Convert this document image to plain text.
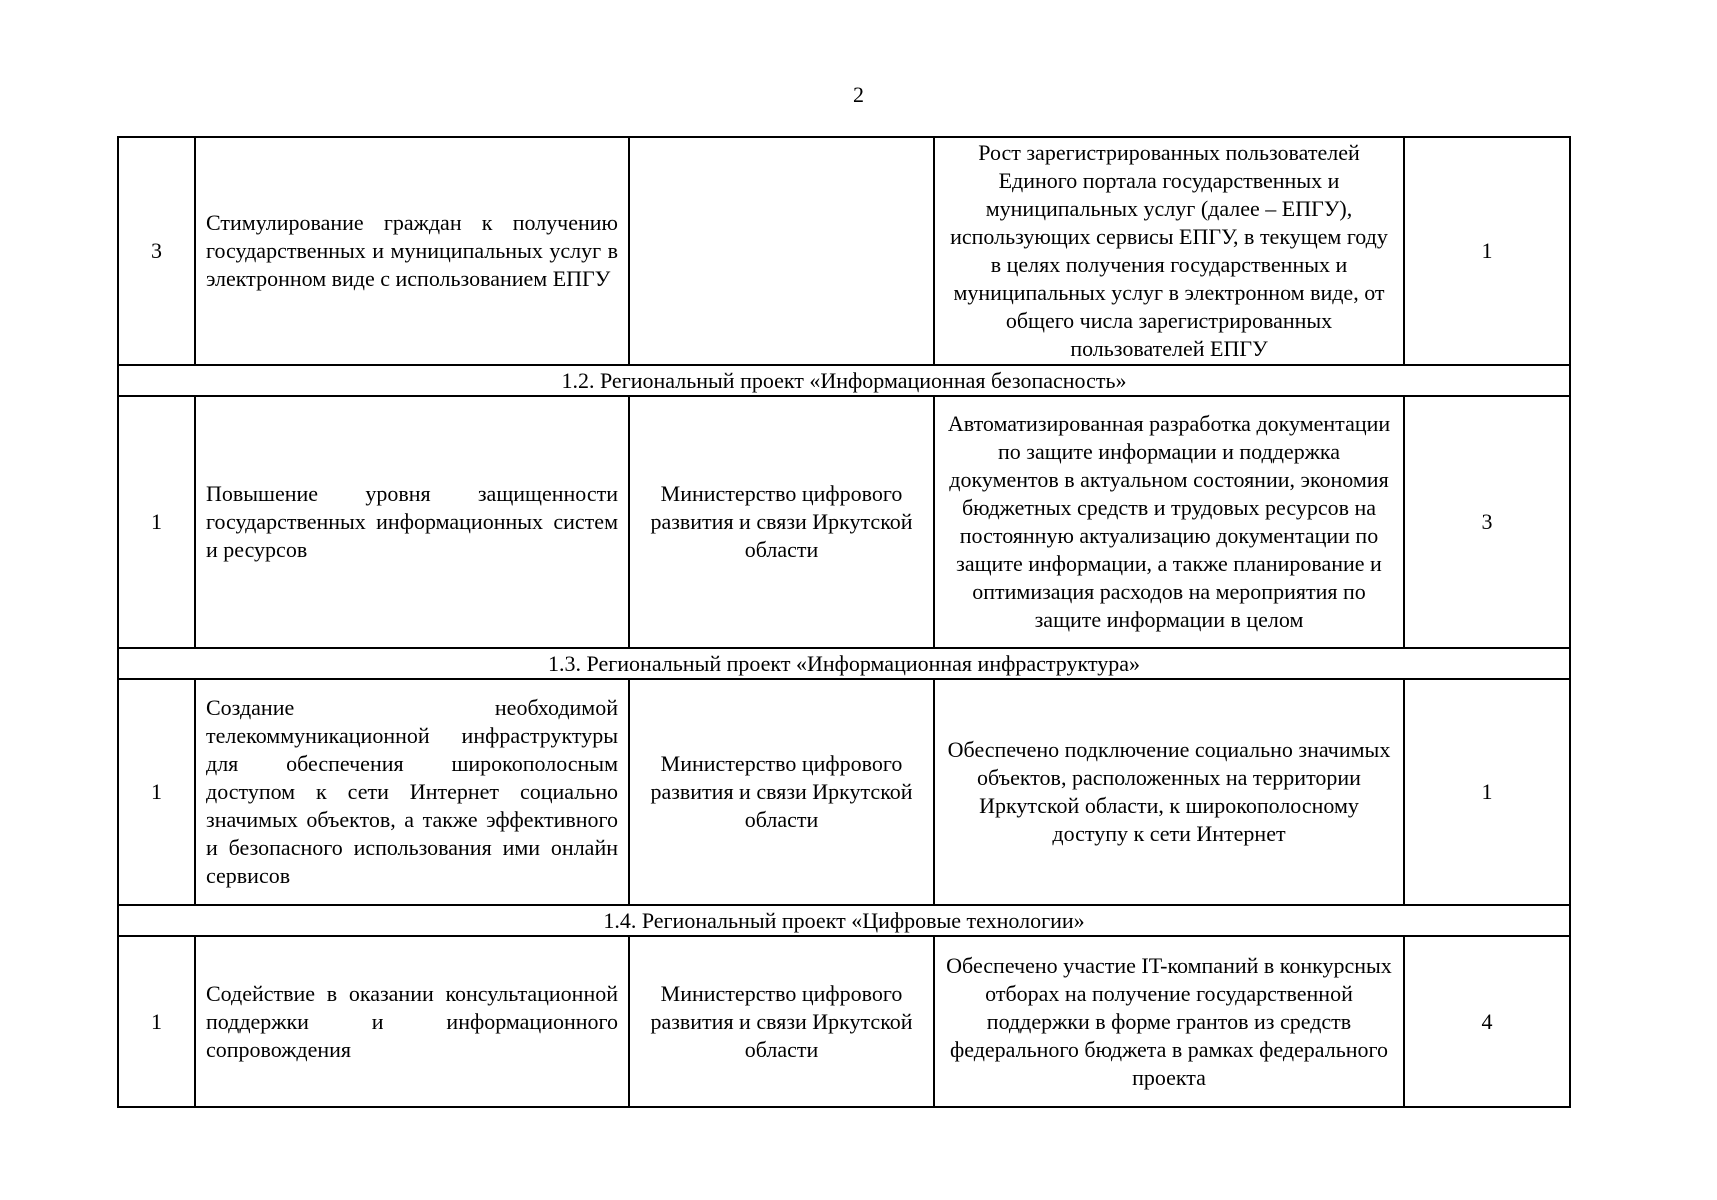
2
3	Стимулирование граждан к получению государственных и муниципальных услуг в электронном виде с использованием ЕПГУ		Рост зарегистрированных пользователей Единого портала государственных и муниципальных услуг (далее – ЕПГУ), использующих сервисы ЕПГУ, в текущем году в целях получения государственных и муниципальных услуг в электронном виде, от общего числа зарегистрированных пользователей ЕПГУ	1
1.2. Региональный проект «Информационная безопасность»				
1	Повышение уровня защищенности государственных информационных систем и ресурсов	Министерство цифрового развития и связи Иркутской области	Автоматизированная разработка документации по защите информации и поддержка документов в актуальном состоянии, экономия бюджетных средств и трудовых ресурсов на постоянную актуализацию документации по защите информации, а также планирование и оптимизация расходов на мероприятия по защите информации в целом	3
1.3. Региональный проект «Информационная инфраструктура»				
1	Создание необходимой телекоммуникационной инфраструктуры для обеспечения широкополосным доступом к сети Интернет социально значимых объектов, а также эффективного и безопасного использования ими онлайн сервисов	Министерство цифрового развития и связи Иркутской области	Обеспечено подключение социально значимых объектов, расположенных на территории Иркутской области, к широкополосному доступу к сети Интернет	1
1.4. Региональный проект «Цифровые технологии»				
1	Содействие в оказании консультационной поддержки и информационного сопровождения	Министерство цифрового развития и связи Иркутской области	Обеспечено участие IT-компаний в конкурсных отборах на получение государственной поддержки в форме грантов из средств федерального бюджета в рамках федерального проекта	4
